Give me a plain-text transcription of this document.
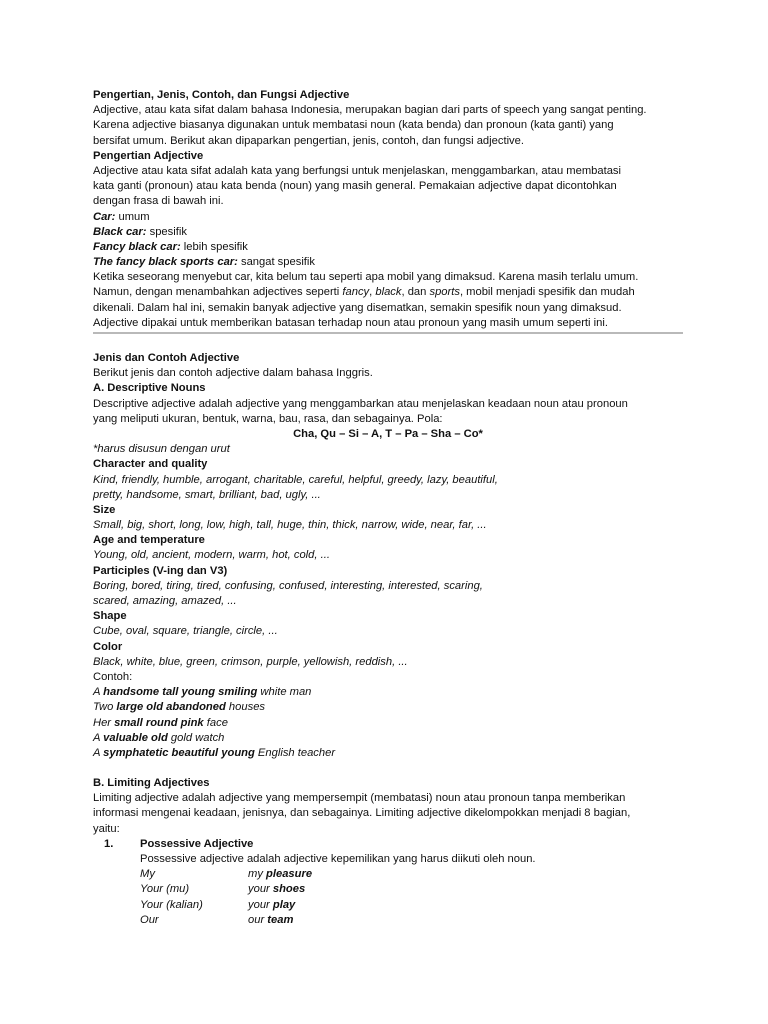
Pengertian, Jenis, Contoh, dan Fungsi Adjective
Adjective, atau kata sifat dalam bahasa Indonesia, merupakan bagian dari parts of speech yang sangat penting.
Karena adjective biasanya digunakan untuk membatasi noun (kata benda) dan pronoun (kata ganti) yang
bersifat umum. Berikut akan dipaparkan pengertian, jenis, contoh, dan fungsi adjective.
Pengertian Adjective
Adjective atau kata sifat adalah kata yang berfungsi untuk menjelaskan, menggambarkan, atau membatasi
kata ganti (pronoun) atau kata benda (noun) yang masih general. Pemakaian adjective dapat dicontohkan
dengan frasa di bawah ini.
Car: umum
Black car: spesifik
Fancy black car: lebih spesifik
The fancy black sports car: sangat spesifik
Ketika seseorang menyebut car, kita belum tau seperti apa mobil yang dimaksud. Karena masih terlalu umum.
Namun, dengan menambahkan adjectives seperti fancy, black, dan sports, mobil menjadi spesifik dan mudah
dikenali. Dalam hal ini, semakin banyak adjective yang disematkan, semakin spesifik noun yang dimaksud.
Adjective dipakai untuk memberikan batasan terhadap noun atau pronoun yang masih umum seperti ini.
Jenis dan Contoh Adjective
Berikut jenis dan contoh adjective dalam bahasa Inggris.
A. Descriptive Nouns
Descriptive adjective adalah adjective yang menggambarkan atau menjelaskan keadaan noun atau pronoun
yang meliputi ukuran, bentuk, warna, bau, rasa, dan sebagainya. Pola:
Cha, Qu – Si – A, T – Pa – Sha – Co*
*harus disusun dengan urut
Character and quality
Kind, friendly, humble, arrogant, charitable, careful, helpful, greedy, lazy, beautiful,
pretty, handsome, smart, brilliant, bad, ugly, ...
Size
Small, big, short, long, low, high, tall, huge, thin, thick, narrow, wide, near, far, ...
Age and temperature
Young, old, ancient, modern, warm, hot, cold, ...
Participles (V-ing dan V3)
Boring, bored, tiring, tired, confusing, confused, interesting, interested, scaring,
scared, amazing, amazed, ...
Shape
Cube, oval, square, triangle, circle, ...
Color
Black, white, blue, green, crimson, purple, yellowish, reddish, ...
Contoh:
A handsome tall young smiling white man
Two large old abandoned houses
Her small round pink face
A valuable old gold watch
A symphatetic beautiful young English teacher
B. Limiting Adjectives
Limiting adjective adalah adjective yang mempersempit (membatasi) noun atau pronoun tanpa memberikan
informasi mengenai keadaan, jenisnya, dan sebagainya. Limiting adjective dikelompokkan menjadi 8 bagian,
yaitu:
1. Possessive Adjective
Possessive adjective adalah adjective kepemilikan yang harus diikuti oleh noun.
My	my pleasure
Your (mu)	your shoes
Your (kalian)	your play
Our	our team
